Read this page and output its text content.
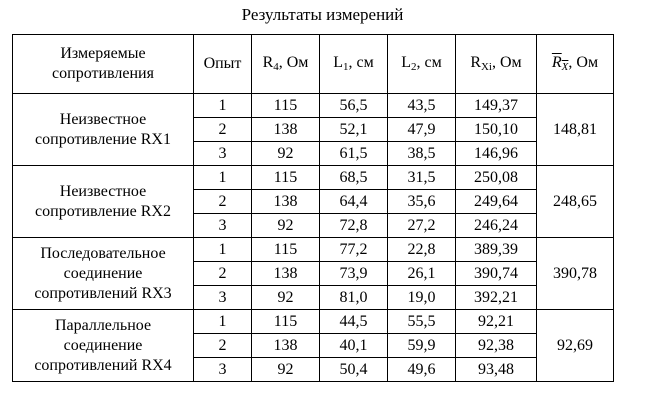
Результаты измерений
Измеряемые
сопротивления	Опыт	$R_4$, Ом	$L_1$, см	$L_2$, см	$R_{Xi}$, Ом	RX, Ом

Неизвестное
сопротивление RX1	1	115	56,5	43,5	149,37	148,81
	2	138	52,1	47,9	150,10	
	3	92	61,5	38,5	146,96	

Неизвестное
сопротивление RX2	1	115	68,5	31,5	250,08	248,65
	2	138	64,4	35,6	249,64	
	3	92	72,8	27,2	246,24	

Последовательное
соединение
сопротивлений RX3	1	115	77,2	22,8	389,39	390,78
	2	138	73,9	26,1	390,74	
	3	92	81,0	19,0	392,21	

Параллельное
соединение
сопротивлений RX4	1	115	44,5	55,5	92,21	92,69
	2	138	40,1	59,9	92,38	
	3	92	50,4	49,6	93,48	
